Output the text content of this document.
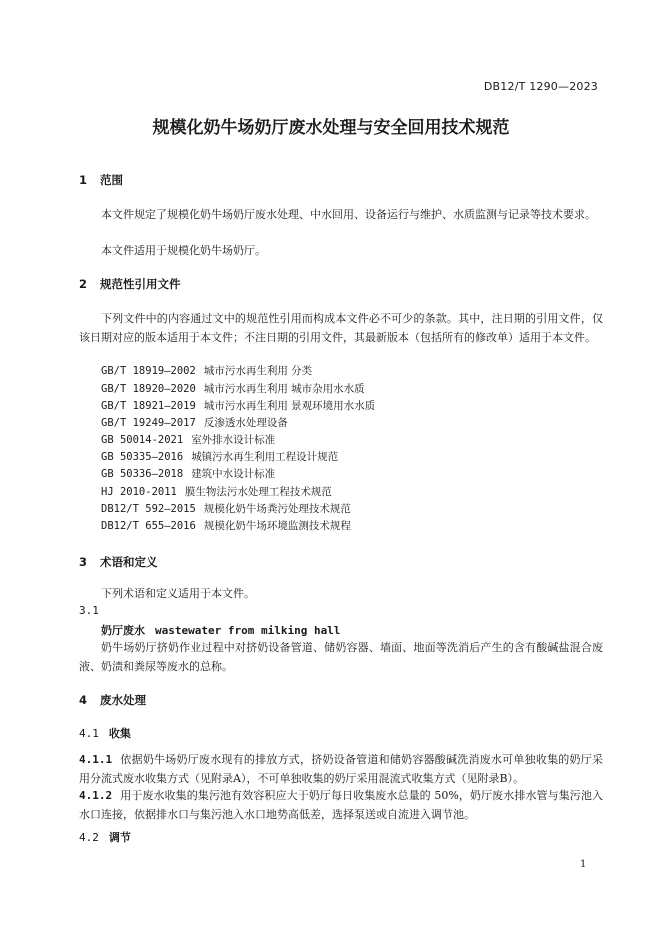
DB12/T 1290—2023
规模化奶牛场奶厅废水处理与安全回用技术规范
1 范围
本文件规定了规模化奶牛场奶厅废水处理、中水回用、设备运行与维护、水质监测与记录等技术要求。
本文件适用于规模化奶牛场奶厅。
2 规范性引用文件
下列文件中的内容通过文中的规范性引用而构成本文件必不可少的条款。其中，注日期的引用文件，仅该日期对应的版本适用于本文件；不注日期的引用文件，其最新版本（包括所有的修改单）适用于本文件。
GB/T 18919—2002 城市污水再生利用 分类
GB/T 18920—2020 城市污水再生利用 城市杂用水水质
GB/T 18921—2019 城市污水再生利用 景观环境用水水质
GB/T 19249—2017 反渗透水处理设备
GB 50014-2021 室外排水设计标准
GB 50335—2016 城镇污水再生利用工程设计规范
GB 50336—2018 建筑中水设计标准
HJ 2010-2011 膜生物法污水处理工程技术规范
DB12/T 592—2015 规模化奶牛场粪污处理技术规范
DB12/T 655—2016 规模化奶牛场环境监测技术规程
3 术语和定义
下列术语和定义适用于本文件。
3.1
奶厅废水 wastewater from milking hall
奶牛场奶厅挤奶作业过程中对挤奶设备管道、储奶容器、墙面、地面等洗消后产生的含有酸碱盐混合废液、奶渍和粪尿等废水的总称。
4 废水处理
4.1 收集
4.1.1 依据奶牛场奶厅废水现有的排放方式，挤奶设备管道和储奶容器酸碱洗消废水可单独收集的奶厅采用分流式废水收集方式（见附录A），不可单独收集的奶厅采用混流式收集方式（见附录B）。
4.1.2 用于废水收集的集污池有效容积应大于奶厅每日收集废水总量的 50%，奶厅废水排水管与集污池入水口连接，依据排水口与集污池入水口地势高低差，选择泵送或自流进入调节池。
4.2 调节
1
